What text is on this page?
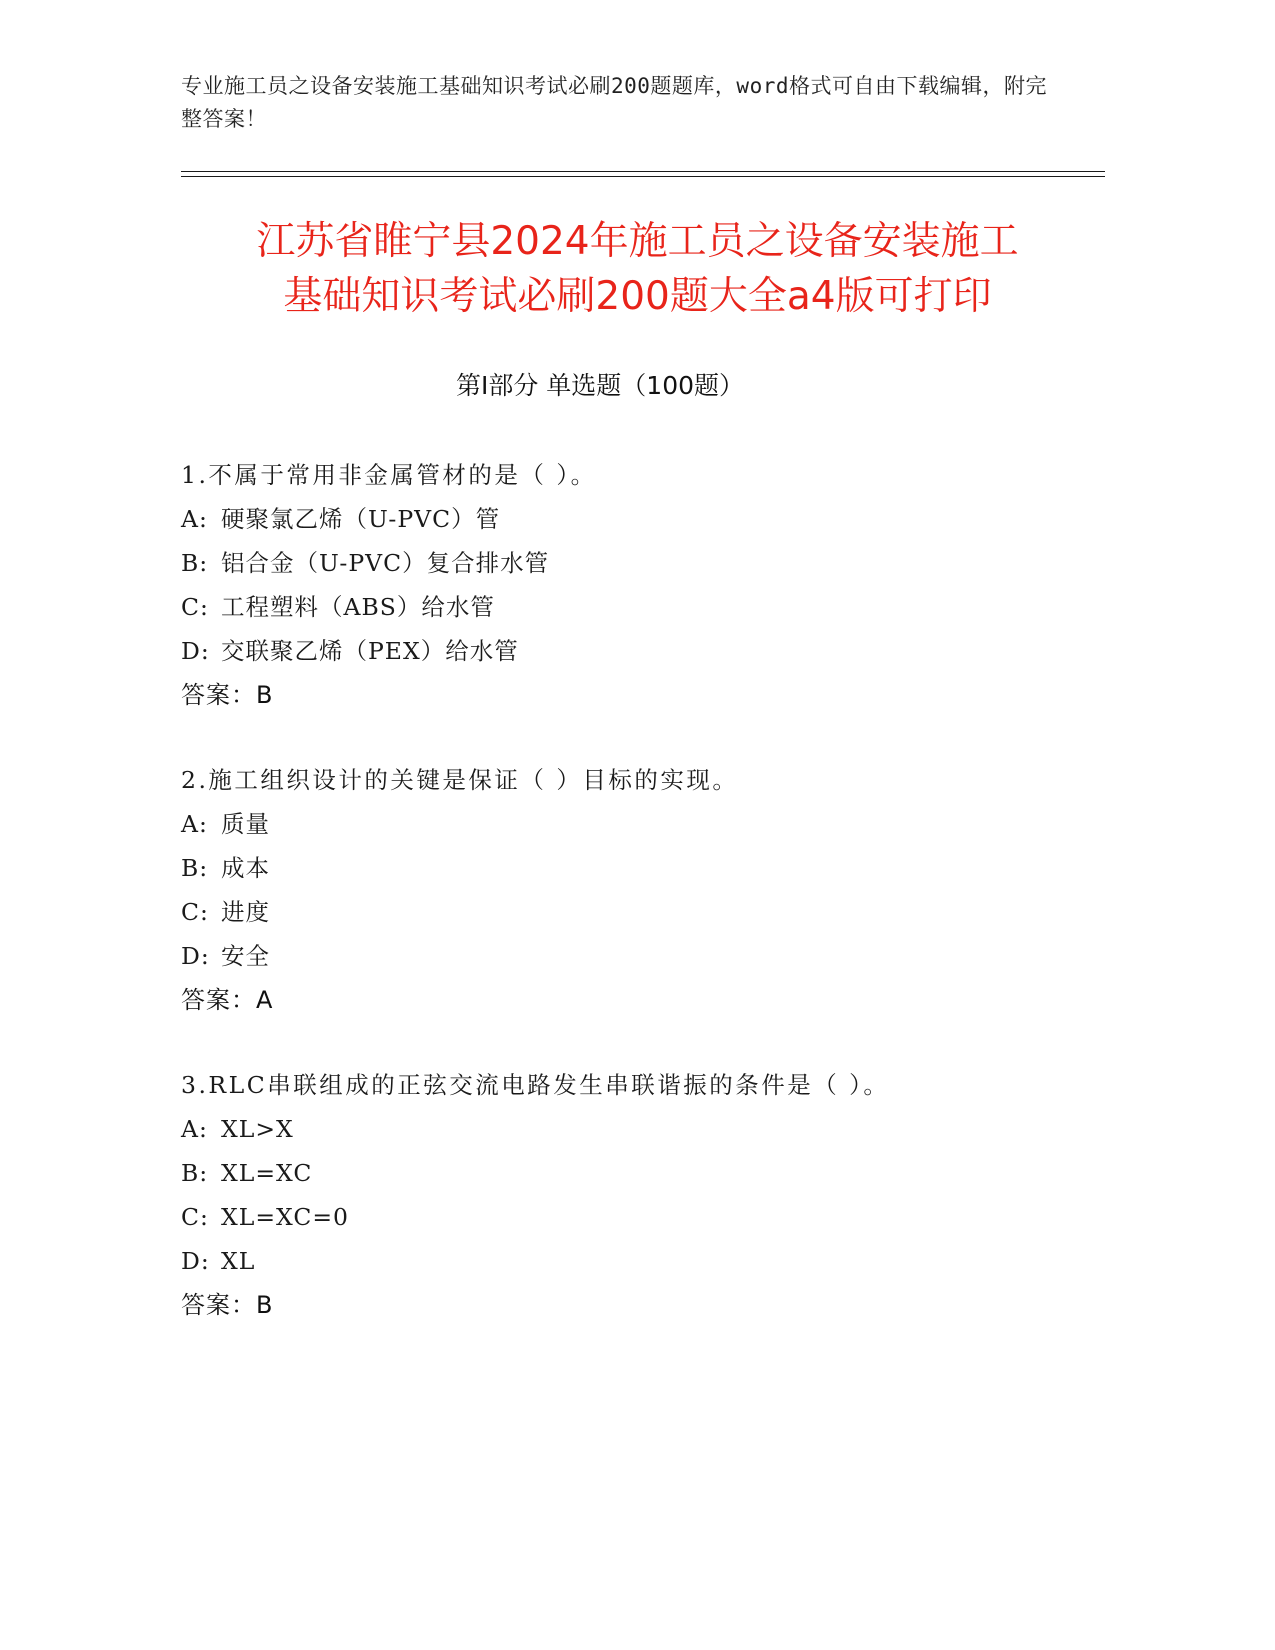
专业施工员之设备安装施工基础知识考试必刷200题题库，word格式可自由下载编辑，附完整答案！
江苏省睢宁县2024年施工员之设备安装施工
基础知识考试必刷200题大全a4版可打印
第Ⅰ部分 单选题（100题）
1.不属于常用非金属管材的是（ ）。
A: 硬聚氯乙烯（U-PVC）管
B: 铝合金（U-PVC）复合排水管
C: 工程塑料（ABS）给水管
D: 交联聚乙烯（PEX）给水管
答案：B
2.施工组织设计的关键是保证（ ）目标的实现。
A: 质量
B: 成本
C: 进度
D: 安全
答案：A
3.RLC串联组成的正弦交流电路发生串联谐振的条件是（ ）。
A: XL>X
B: XL=XC
C: XL=XC=0
D: XL
答案：B
